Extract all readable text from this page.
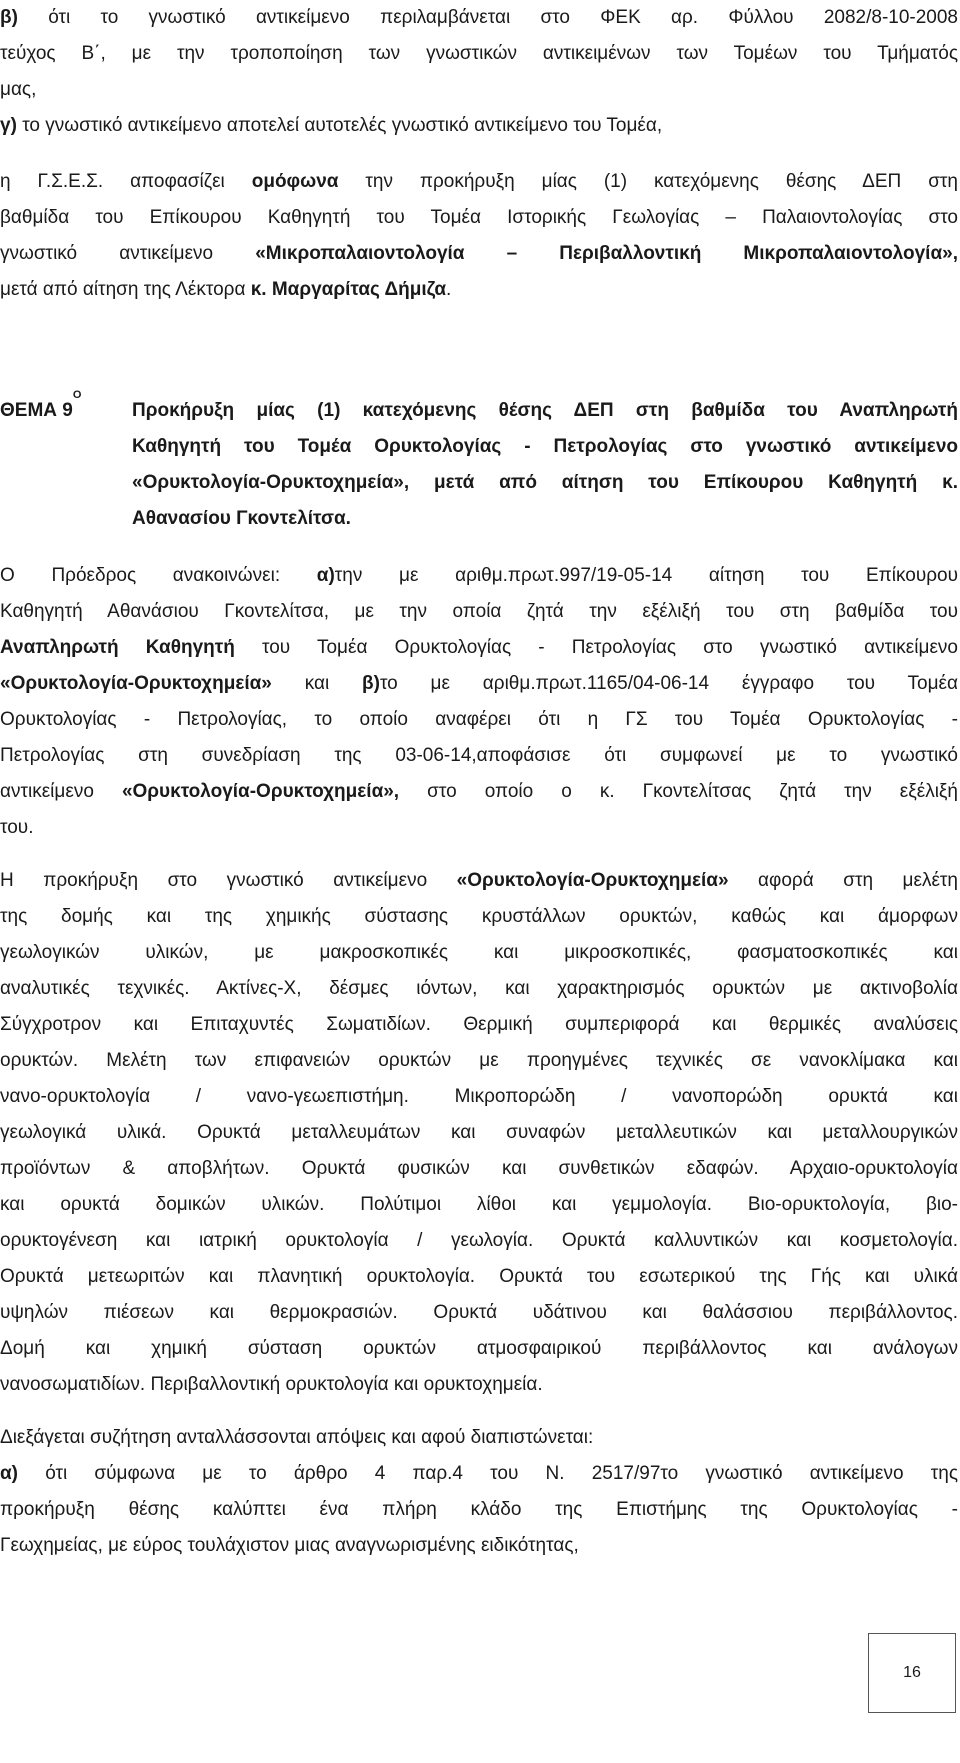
β) ότι το γνωστικό αντικείμενο περιλαμβάνεται στο ΦΕΚ αρ. Φύλλου 2082/8-10-2008

τεύχος Β΄, με την τροποποίηση των γνωστικών αντικειμένων των Τομέων του Τμήματός

μας,

γ) το γνωστικό αντικείμενο αποτελεί αυτοτελές γνωστικό αντικείμενο του Τομέα,

η Γ.Σ.Ε.Σ. αποφασίζει ομόφωνα την προκήρυξη μίας (1) κατεχόμενης θέσης ΔΕΠ στη

βαθμίδα του Επίκουρου Καθηγητή του Τομέα Ιστορικής Γεωλογίας – Παλαιοντολογίας στο

γνωστικό αντικείμενο «Μικροπαλαιοντολογία – Περιβαλλοντική Μικροπαλαιοντολογία»,

μετά από αίτηση της Λέκτορα κ. Μαργαρίτας Δήμιζα.

ΘΕΜΑ $9^O$

Προκήρυξη μίας (1) κατεχόμενης θέσης ΔΕΠ στη βαθμίδα του Αναπληρωτή

Καθηγητή του Τομέα Ορυκτολογίας - Πετρολογίας στο γνωστικό αντικείμενο

«Ορυκτολογία-Ορυκτοχημεία», μετά από αίτηση του Επίκουρου Καθηγητή κ.

Αθανασίου Γκοντελίτσα.

Ο Πρόεδρος ανακοινώνει: α)την με αριθμ.πρωτ.997/19-05-14 αίτηση του Επίκουρου

Καθηγητή Αθανάσιου Γκοντελίτσα, με την οποία ζητά την εξέλιξή του στη βαθμίδα του

Αναπληρωτή Καθηγητή του Τομέα Ορυκτολογίας - Πετρολογίας στο γνωστικό αντικείμενο

«Ορυκτολογία-Ορυκτοχημεία» και β)το με αριθμ.πρωτ.1165/04-06-14 έγγραφο του Τομέα

Ορυκτολογίας - Πετρολογίας, το οποίο αναφέρει ότι η ΓΣ του Τομέα Ορυκτολογίας -

Πετρολογίας στη συνεδρίαση της 03-06-14,αποφάσισε ότι συμφωνεί με το γνωστικό

αντικείμενο «Ορυκτολογία-Ορυκτοχημεία», στο οποίο ο κ. Γκοντελίτσας ζητά την εξέλιξή

του.

Η προκήρυξη στο γνωστικό αντικείμενο «Ορυκτολογία-Ορυκτοχημεία» αφορά στη μελέτη

της δομής και της χημικής σύστασης κρυστάλλων ορυκτών, καθώς και άμορφων

γεωλογικών υλικών, με μακροσκοπικές και μικροσκοπικές, φασματοσκοπικές και

αναλυτικές τεχνικές. Ακτίνες-Χ, δέσμες ιόντων, και χαρακτηρισμός ορυκτών με ακτινοβολία

Σύγχροτρον και Επιταχυντές Σωματιδίων. Θερμική συμπεριφορά και θερμικές αναλύσεις

ορυκτών. Μελέτη των επιφανειών ορυκτών με προηγμένες τεχνικές σε νανοκλίμακα και

νανο-ορυκτολογία / νανο-γεωεπιστήμη. Μικροπορώδη / νανοπορώδη ορυκτά και

γεωλογικά υλικά. Ορυκτά μεταλλευμάτων και συναφών μεταλλευτικών και μεταλλουργικών

προϊόντων & αποβλήτων. Ορυκτά φυσικών και συνθετικών εδαφών. Αρχαιο-ορυκτολογία

και ορυκτά δομικών υλικών. Πολύτιμοι λίθοι και γεμμολογία. Βιο-ορυκτολογία, βιο-

ορυκτογένεση και ιατρική ορυκτολογία / γεωλογία. Ορυκτά καλλυντικών και κοσμετολογία.

Ορυκτά μετεωριτών και πλανητική ορυκτολογία. Ορυκτά του εσωτερικού της Γής και υλικά

υψηλών πιέσεων και θερμοκρασιών. Ορυκτά υδάτινου και θαλάσσιου περιβάλλοντος.

Δομή και χημική σύσταση ορυκτών ατμοσφαιρικού περιβάλλοντος και ανάλογων

νανοσωματιδίων. Περιβαλλοντική ορυκτολογία και ορυκτοχημεία.

Διεξάγεται συζήτηση ανταλλάσσονται απόψεις και αφού διαπιστώνεται:

α) ότι σύμφωνα με το άρθρο 4 παρ.4 του Ν. 2517/97το γνωστικό αντικείμενο της

προκήρυξη θέσης καλύπτει ένα πλήρη κλάδο της Επιστήμης της Ορυκτολογίας -

Γεωχημείας, με εύρος τουλάχιστον μιας αναγνωρισμένης ειδικότητας,

16
